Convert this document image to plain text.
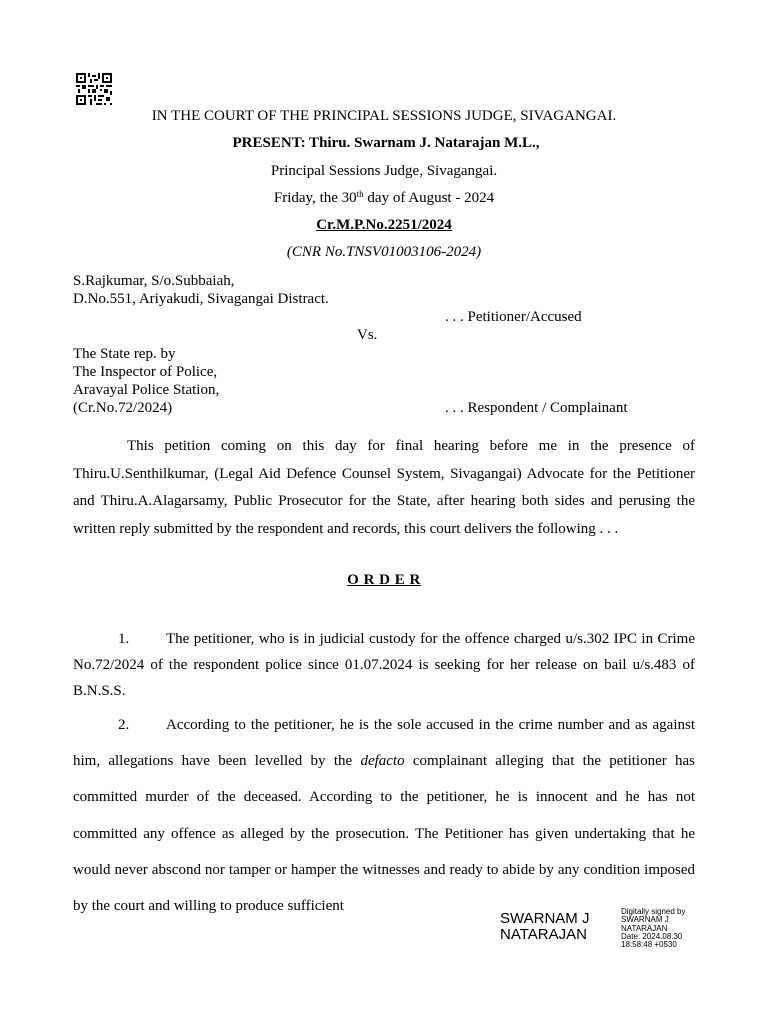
IN THE COURT OF THE PRINCIPAL SESSIONS JUDGE, SIVAGANGAI.
PRESENT: Thiru. Swarnam J. Natarajan M.L.,
Principal Sessions Judge, Sivagangai.
Friday, the 30th day of August - 2024
Cr.M.P.No.2251/2024
(CNR No.TNSV01003106-2024)
S.Rajkumar, S/o.Subbaiah,
D.No.551, Ariyakudi, Sivagangai Distract.
. . . Petitioner/Accused
Vs.
The State rep. by
The Inspector of Police,
Aravayal Police Station,
(Cr.No.72/2024)	. . . Respondent / Complainant
This petition coming on this day for final hearing before me in the presence of Thiru.U.Senthilkumar, (Legal Aid Defence Counsel System, Sivagangai) Advocate for the Petitioner and Thiru.A.Alagarsamy, Public Prosecutor for the State, after hearing both sides and perusing the written reply submitted by the respondent and records, this court delivers the following . . .
O R D E R
1. The petitioner, who is in judicial custody for the offence charged u/s.302 IPC in Crime No.72/2024 of the respondent police since 01.07.2024 is seeking for her release on bail u/s.483 of B.N.S.S.
2. According to the petitioner, he is the sole accused in the crime number and as against him, allegations have been levelled by the defacto complainant alleging that the petitioner has committed murder of the deceased. According to the petitioner, he is innocent and he has not committed any offence as alleged by the prosecution. The Petitioner has given undertaking that he would never abscond nor tamper or hamper the witnesses and ready to abide by any condition imposed by the court and willing to produce sufficient
SWARNAM J
NATARAJAN
Digitally signed by
SWARNAM J
NATARAJAN
Date: 2024.08.30
18:58:48 +0530
